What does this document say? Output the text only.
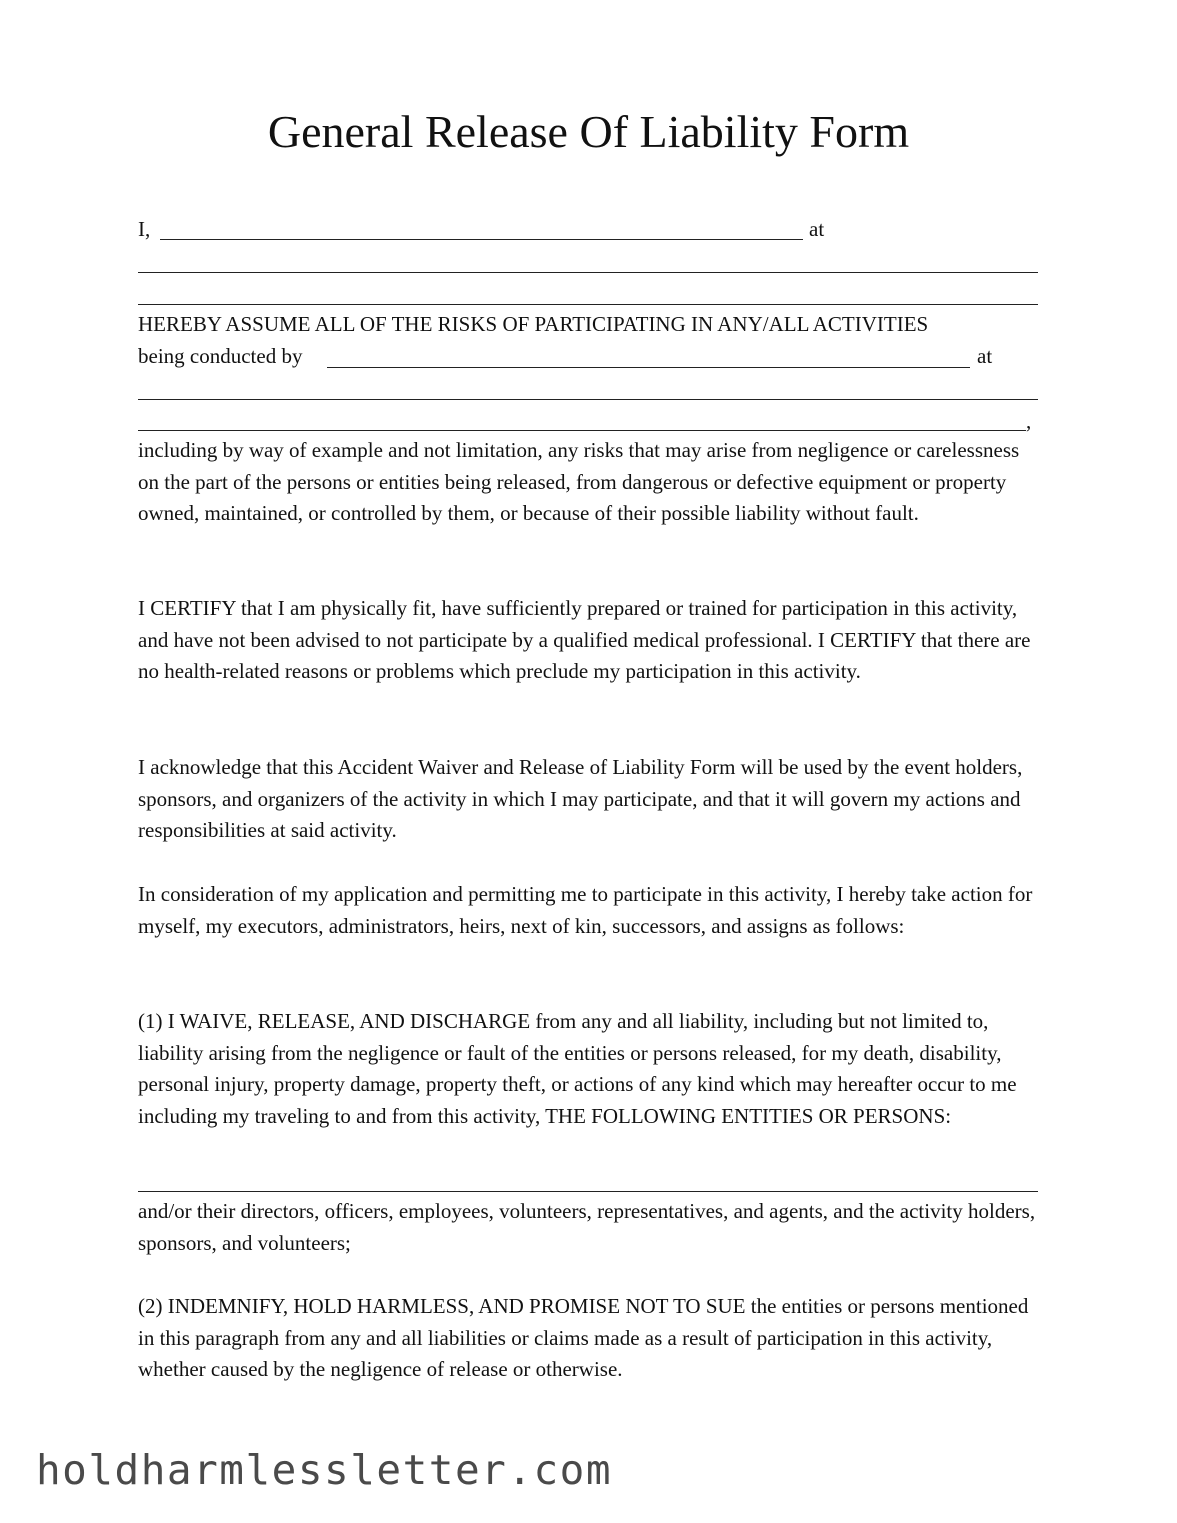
General Release Of Liability Form
I,	at
HEREBY ASSUME ALL OF THE RISKS OF PARTICIPATING IN ANY/ALL ACTIVITIES
being conducted by	at
,

including by way of example and not limitation, any risks that may arise from negligence or carelessness on the part of the persons or entities being released, from dangerous or defective equipment or property owned, maintained, or controlled by them, or because of their possible liability without fault.

I CERTIFY that I am physically fit, have sufficiently prepared or trained for participation in this activity, and have not been advised to not participate by a qualified medical professional. I CERTIFY that there are no health-related reasons or problems which preclude my participation in this activity.

I acknowledge that this Accident Waiver and Release of Liability Form will be used by the event holders, sponsors, and organizers of the activity in which I may participate, and that it will govern my actions and responsibilities at said activity.

In consideration of my application and permitting me to participate in this activity, I hereby take action for myself, my executors, administrators, heirs, next of kin, successors, and assigns as follows:

(1) I WAIVE, RELEASE, AND DISCHARGE from any and all liability, including but not limited to, liability arising from the negligence or fault of the entities or persons released, for my death, disability, personal injury, property damage, property theft, or actions of any kind which may hereafter occur to me including my traveling to and from this activity, THE FOLLOWING ENTITIES OR PERSONS:

and/or their directors, officers, employees, volunteers, representatives, and agents, and the activity holders, sponsors, and volunteers;

(2) INDEMNIFY, HOLD HARMLESS, AND PROMISE NOT TO SUE the entities or persons mentioned in this paragraph from any and all liabilities or claims made as a result of participation in this activity, whether caused by the negligence of release or otherwise.

holdharmlessletter.com
